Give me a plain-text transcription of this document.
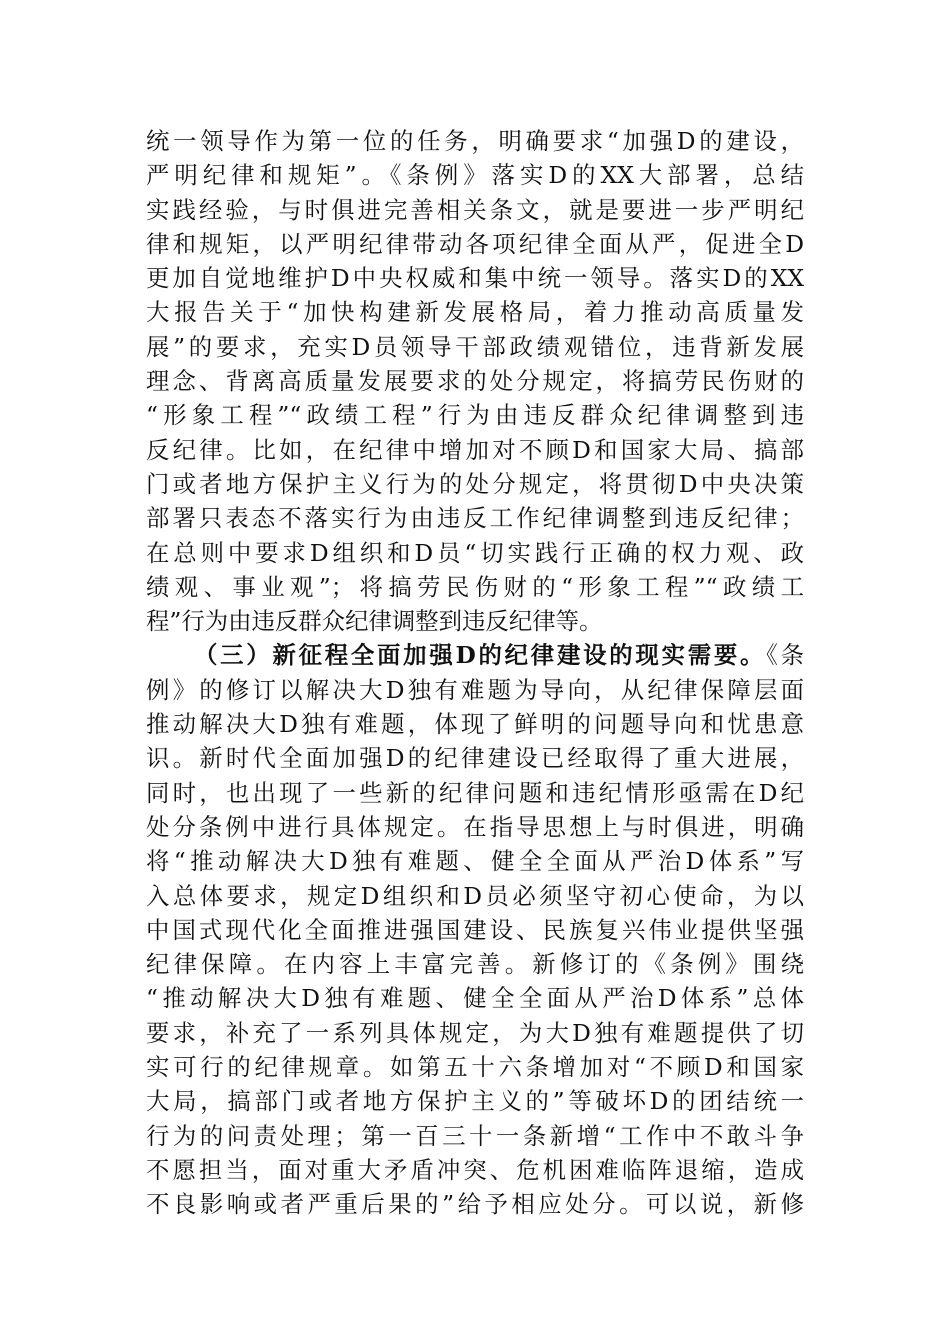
统一领导作为第一位的任务，明确要求“加强D的建设，
严明纪律和规矩”。《条例》落实D的XX大部署，总结
实践经验，与时俱进完善相关条文，就是要进一步严明纪
律和规矩，以严明纪律带动各项纪律全面从严，促进全D
更加自觉地维护D中央权威和集中统一领导。落实D的XX
大报告关于“加快构建新发展格局，着力推动高质量发
展”的要求，充实D员领导干部政绩观错位，违背新发展
理念、背离高质量发展要求的处分规定，将搞劳民伤财的
“形象工程”“政绩工程”行为由违反群众纪律调整到违
反纪律。比如，在纪律中增加对不顾D和国家大局、搞部
门或者地方保护主义行为的处分规定，将贯彻D中央决策
部署只表态不落实行为由违反工作纪律调整到违反纪律；
在总则中要求D组织和D员“切实践行正确的权力观、政
绩观、事业观”；将搞劳民伤财的“形象工程”“政绩工
程”行为由违反群众纪律调整到违反纪律等。
（三）新征程全面加强D的纪律建设的现实需要。《条
例》的修订以解决大D独有难题为导向，从纪律保障层面
推动解决大D独有难题，体现了鲜明的问题导向和忧患意
识。新时代全面加强D的纪律建设已经取得了重大进展，
同时，也出现了一些新的纪律问题和违纪情形亟需在D纪
处分条例中进行具体规定。在指导思想上与时俱进，明确
将“推动解决大D独有难题、健全全面从严治D体系”写
入总体要求，规定D组织和D员必须坚守初心使命，为以
中国式现代化全面推进强国建设、民族复兴伟业提供坚强
纪律保障。在内容上丰富完善。新修订的《条例》围绕
“推动解决大D独有难题、健全全面从严治D体系”总体
要求，补充了一系列具体规定，为大D独有难题提供了切
实可行的纪律规章。如第五十六条增加对“不顾D和国家
大局，搞部门或者地方保护主义的”等破坏D的团结统一
行为的问责处理；第一百三十一条新增“工作中不敢斗争
不愿担当，面对重大矛盾冲突、危机困难临阵退缩，造成
不良影响或者严重后果的”给予相应处分。可以说，新修
